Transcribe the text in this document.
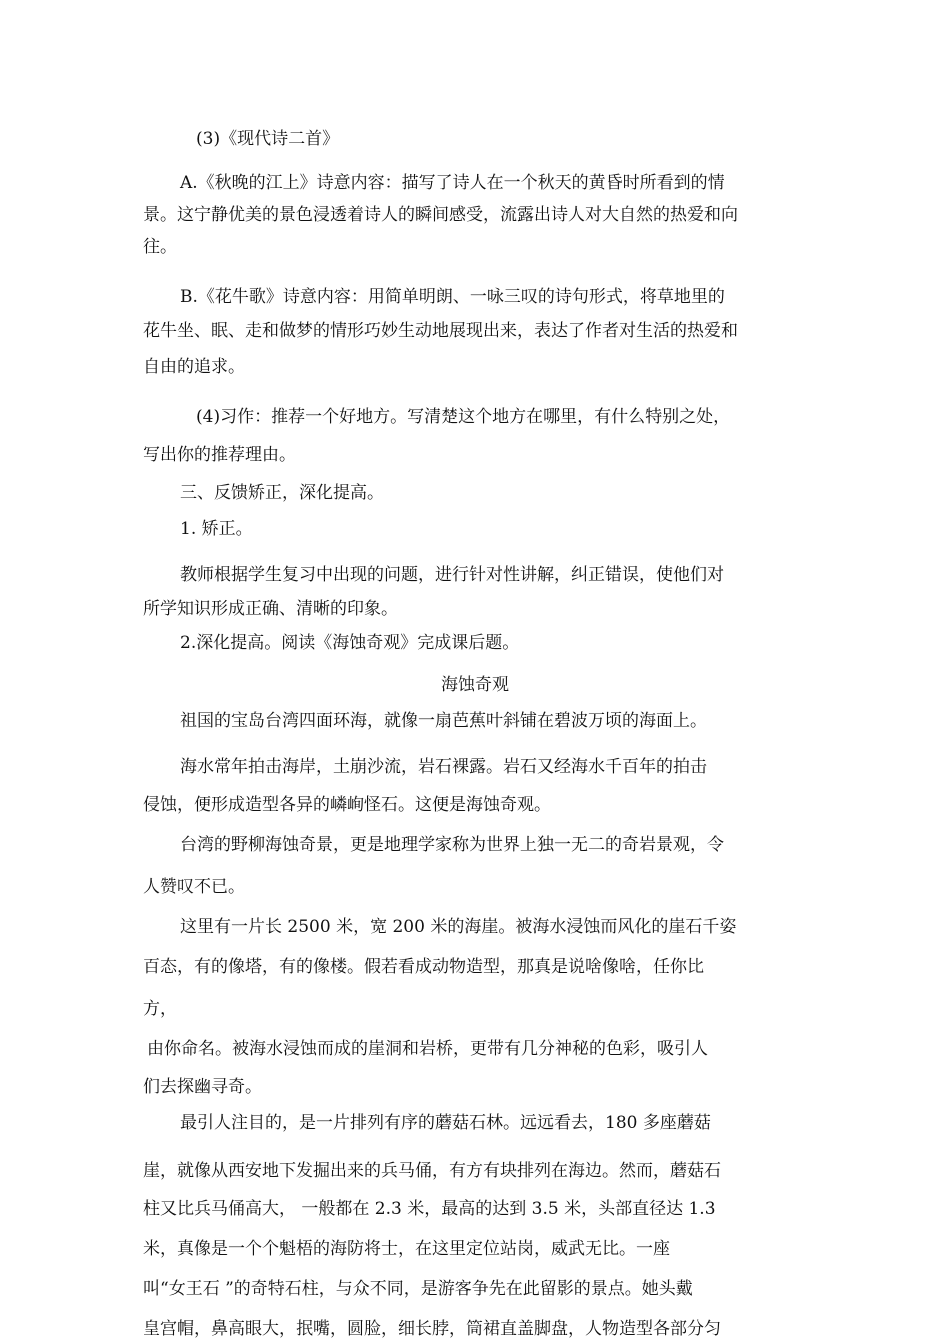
(3)《现代诗二首》
A.《秋晚的江上》诗意内容：描写了诗人在一个秋天的黄昏时所看到的情
景。这宁静优美的景色浸透着诗人的瞬间感受，流露出诗人对大自然的热爱和向
往。
B.《花牛歌》诗意内容：用简单明朗、一咏三叹的诗句形式，将草地里的
花牛坐、眠、走和做梦的情形巧妙生动地展现出来，表达了作者对生活的热爱和
自由的追求。
(4)习作：推荐一个好地方。写清楚这个地方在哪里，有什么特别之处，
写出你的推荐理由。
三、反馈矫正，深化提高。
1. 矫正。
教师根据学生复习中出现的问题，进行针对性讲解，纠正错误，使他们对
所学知识形成正确、清晰的印象。
2.深化提高。阅读《海蚀奇观》完成课后题。
海蚀奇观
祖国的宝岛台湾四面环海，就像一扇芭蕉叶斜铺在碧波万顷的海面上。
海水常年拍击海岸，土崩沙流，岩石裸露。岩石又经海水千百年的拍击
侵蚀，便形成造型各异的嶙峋怪石。这便是海蚀奇观。
台湾的野柳海蚀奇景，更是地理学家称为世界上独一无二的奇岩景观，令
人赞叹不已。
这里有一片长 2500 米，宽 200 米的海崖。被海水浸蚀而风化的崖石千姿
百态，有的像塔，有的像楼。假若看成动物造型，那真是说啥像啥，任你比
方，
由你命名。被海水浸蚀而成的崖洞和岩桥，更带有几分神秘的色彩，吸引人
们去探幽寻奇。
最引人注目的，是一片排列有序的蘑菇石林。远远看去，180 多座蘑菇
崖，就像从西安地下发掘出来的兵马俑，有方有块排列在海边。然而，蘑菇石
柱又比兵马俑高大， 一般都在 2.3 米，最高的达到 3.5 米，头部直径达 1.3
米，真像是一个个魁梧的海防将士，在这里定位站岗，威武无比。一座
叫“女王石 ”的奇特石柱，与众不同，是游客争先在此留影的景点。她头戴
皇宫帽，鼻高眼大，抿嘴，圆脸，细长脖，筒裙直盖脚盘，人物造型各部分匀
